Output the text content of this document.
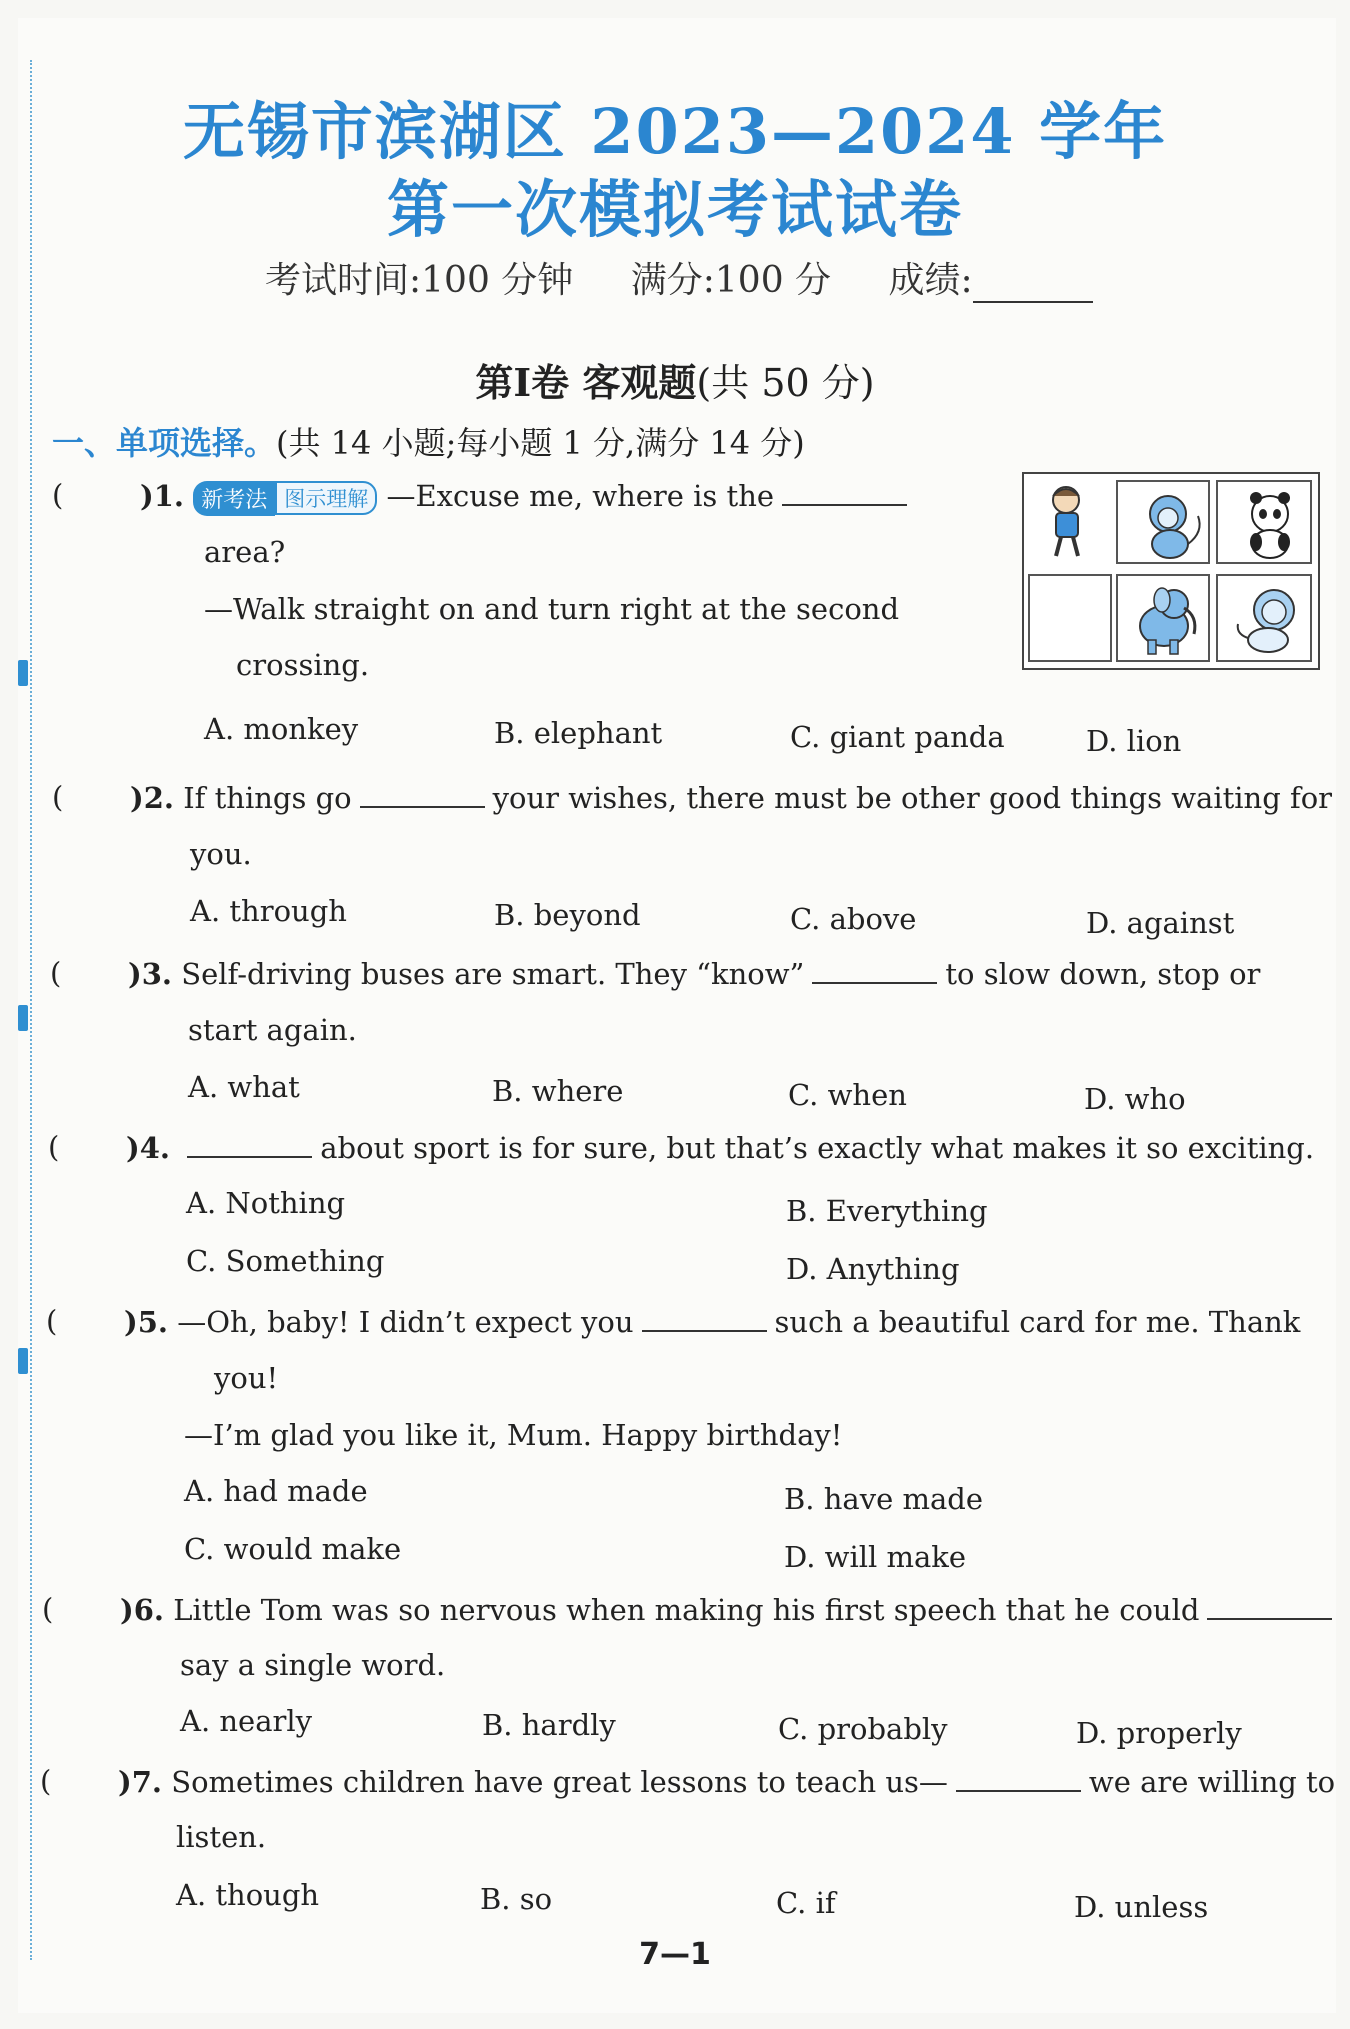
无锡市滨湖区 2023—2024 学年
第一次模拟考试试卷
考试时间:100 分钟 满分:100 分 成绩:
第Ⅰ卷 客观题(共 50 分)
一、单项选择。(共 14 小题;每小题 1 分,满分 14 分)
(	)1. 新考法 图示理解 —Excuse me, where is the
area?
—Walk straight on and turn right at the second
crossing.
A. monkey	B. elephant	C. giant panda	D. lion
( )2. If things go	your wishes, there must be other good things waiting for
you.
A. through	B. beyond	C. above	D. against
( )3. Self-driving buses are smart. They “know”	to slow down, stop or
start again.
A. what	B. where	C. when	D. who
( )4.	about sport is for sure, but that’s exactly what makes it so exciting.
A. Nothing	B. Everything
C. Something	D. Anything
( )5. —Oh, baby! I didn’t expect you	such a beautiful card for me. Thank
you!
—I’m glad you like it, Mum. Happy birthday!
A. had made	B. have made
C. would make	D. will make
( )6. Little Tom was so nervous when making his first speech that he could
say a single word.
A. nearly	B. hardly	C. probably	D. properly
( )7. Sometimes children have great lessons to teach us—	we are willing to
listen.
A. though	B. so	C. if	D. unless
7—1
